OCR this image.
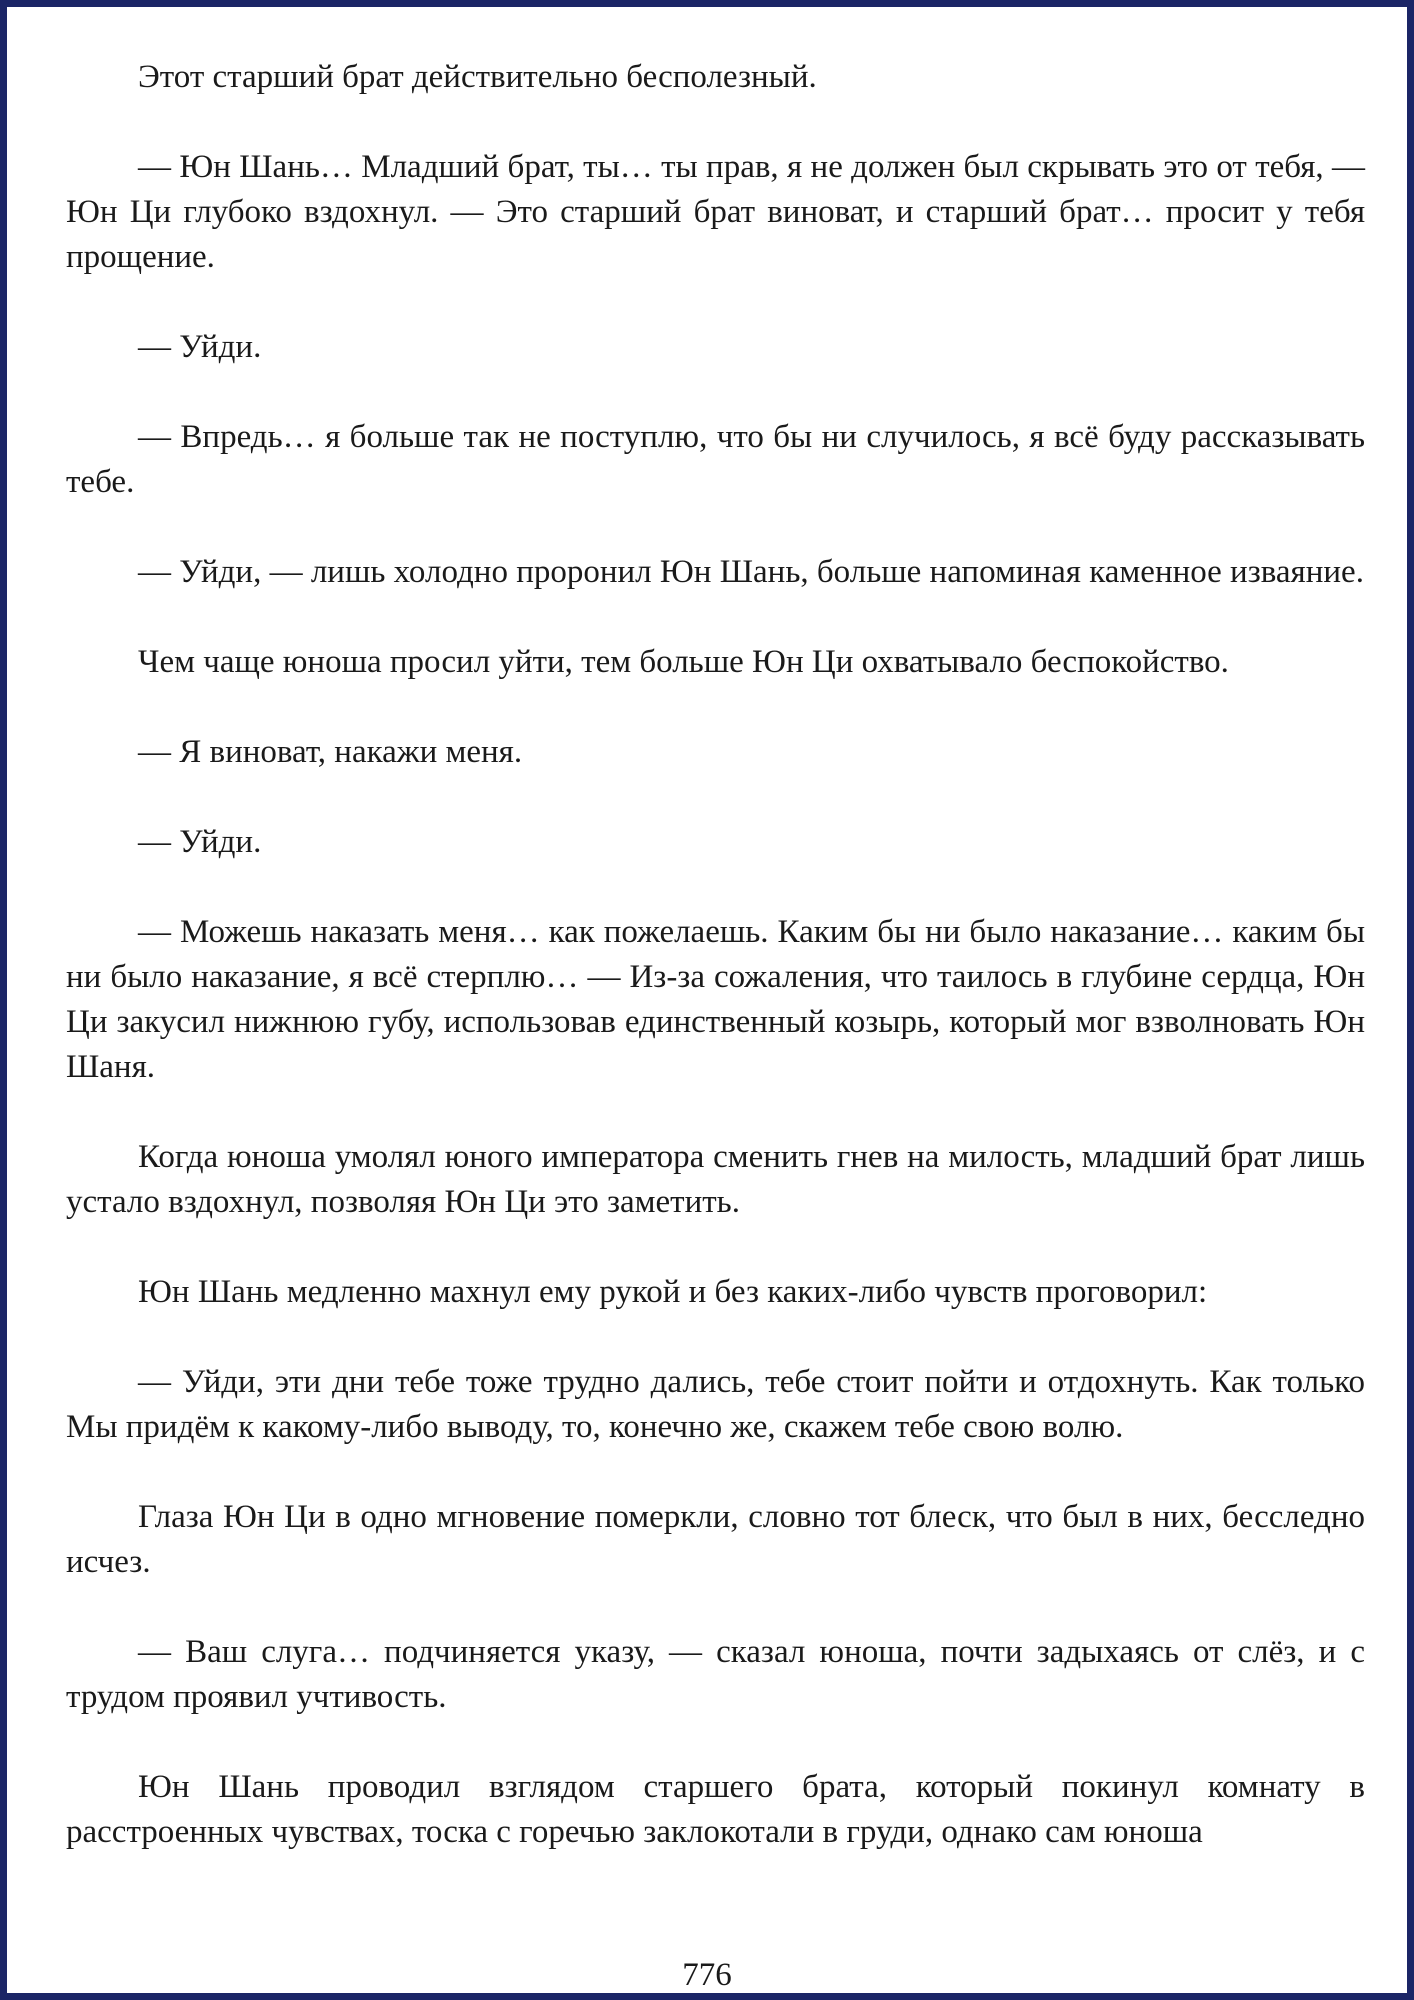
Этот старший брат действительно бесполезный.

— Юн Шань… Младший брат, ты… ты прав, я не должен был скрывать это от тебя, — Юн Ци глубоко вздохнул. — Это старший брат виноват, и старший брат… просит у тебя прощение.

— Уйди.

— Впредь… я больше так не поступлю, что бы ни случилось, я всё буду рассказывать тебе.

— Уйди, — лишь холодно проронил Юн Шань, больше напоминая каменное изваяние.

Чем чаще юноша просил уйти, тем больше Юн Ци охватывало беспокойство.

— Я виноват, накажи меня.

— Уйди.

— Можешь наказать меня… как пожелаешь. Каким бы ни было наказание… каким бы ни было наказание, я всё стерплю… — Из-за сожаления, что таилось в глубине сердца, Юн Ци закусил нижнюю губу, использовав единственный козырь, который мог взволновать Юн Шаня.

Когда юноша умолял юного императора сменить гнев на милость, младший брат лишь устало вздохнул, позволяя Юн Ци это заметить.

Юн Шань медленно махнул ему рукой и без каких-либо чувств проговорил:

— Уйди, эти дни тебе тоже трудно дались, тебе стоит пойти и отдохнуть. Как только Мы придём к какому-либо выводу, то, конечно же, скажем тебе свою волю.

Глаза Юн Ци в одно мгновение померкли, словно тот блеск, что был в них, бесследно исчез.

— Ваш слуга… подчиняется указу, — сказал юноша, почти задыхаясь от слёз, и с трудом проявил учтивость.

Юн Шань проводил взглядом старшего брата, который покинул комнату в расстроенных чувствах, тоска с горечью заклокотали в груди, однако сам юноша

776
